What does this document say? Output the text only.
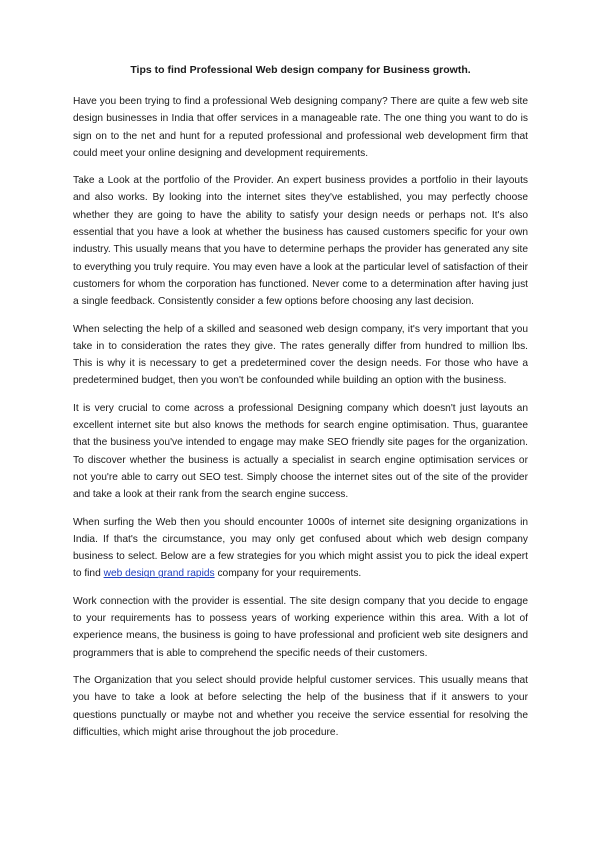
Tips to find Professional Web design company for Business growth.

Have you been trying to find a professional Web designing company? There are quite a few web site design businesses in India that offer services in a manageable rate. The one thing you want to do is sign on to the net and hunt for a reputed professional and professional web development firm that could meet your online designing and development requirements.

Take a Look at the portfolio of the Provider. An expert business provides a portfolio in their layouts and also works. By looking into the internet sites they've established, you may perfectly choose whether they are going to have the ability to satisfy your design needs or perhaps not. It's also essential that you have a look at whether the business has caused customers specific for your own industry. This usually means that you have to determine perhaps the provider has generated any site to everything you truly require. You may even have a look at the particular level of satisfaction of their customers for whom the corporation has functioned. Never come to a determination after having just a single feedback. Consistently consider a few options before choosing any last decision.

When selecting the help of a skilled and seasoned web design company, it's very important that you take in to consideration the rates they give. The rates generally differ from hundred to million lbs. This is why it is necessary to get a predetermined cover the design needs. For those who have a predetermined budget, then you won't be confounded while building an option with the business.

It is very crucial to come across a professional Designing company which doesn't just layouts an excellent internet site but also knows the methods for search engine optimisation. Thus, guarantee that the business you've intended to engage may make SEO friendly site pages for the organization. To discover whether the business is actually a specialist in search engine optimisation services or not you're able to carry out SEO test. Simply choose the internet sites out of the site of the provider and take a look at their rank from the search engine success.

When surfing the Web then you should encounter 1000s of internet site designing organizations in India. If that's the circumstance, you may only get confused about which web design company business to select. Below are a few strategies for you which might assist you to pick the ideal expert to find web design grand rapids company for your requirements.

Work connection with the provider is essential. The site design company that you decide to engage to your requirements has to possess years of working experience within this area. With a lot of experience means, the business is going to have professional and proficient web site designers and programmers that is able to comprehend the specific needs of their customers.

The Organization that you select should provide helpful customer services. This usually means that you have to take a look at before selecting the help of the business that if it answers to your questions punctually or maybe not and whether you receive the service essential for resolving the difficulties, which might arise throughout the job procedure.
